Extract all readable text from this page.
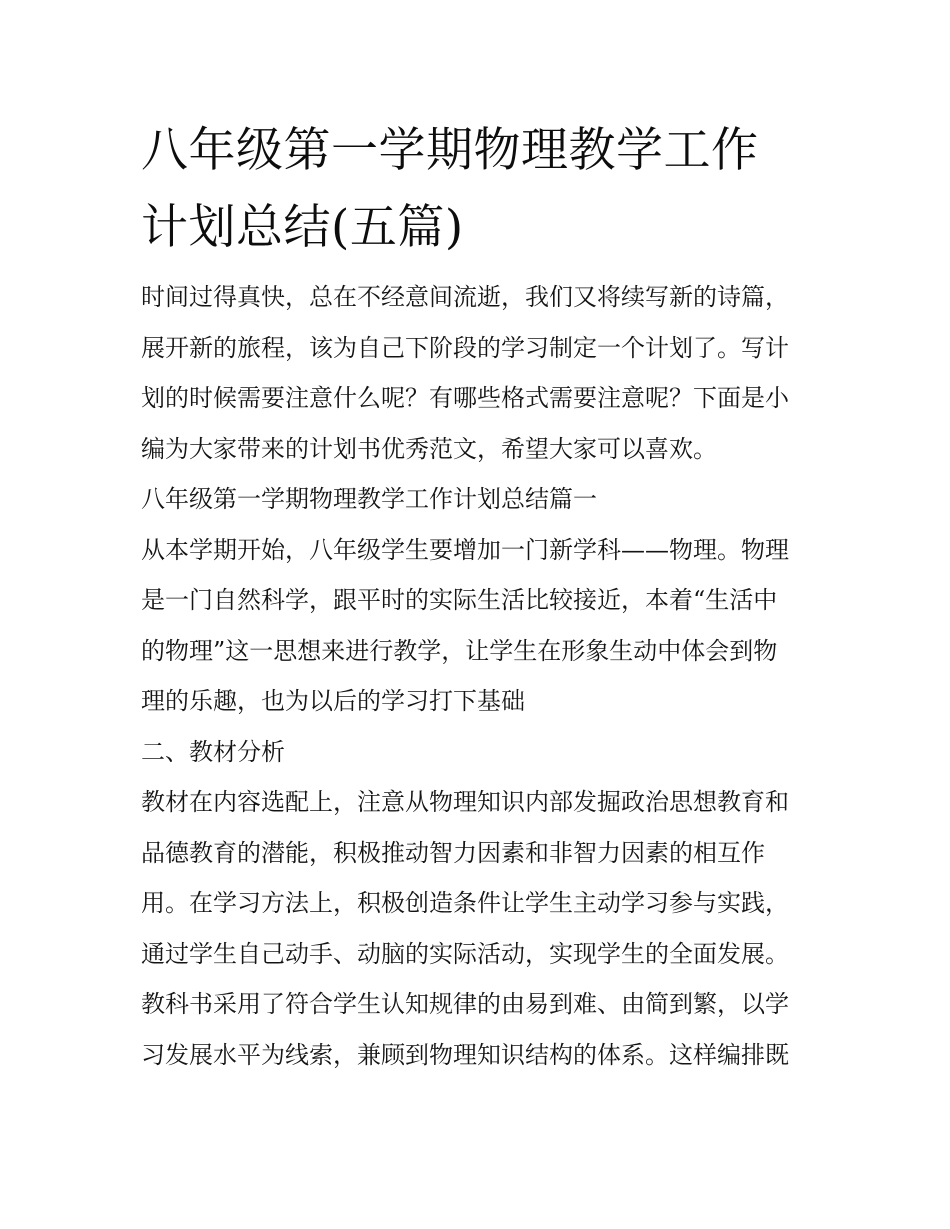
八年级第一学期物理教学工作
计划总结(五篇)
时间过得真快，总在不经意间流逝，我们又将续写新的诗篇，
展开新的旅程，该为自己下阶段的学习制定一个计划了。写计
划的时候需要注意什么呢？有哪些格式需要注意呢？下面是小
编为大家带来的计划书优秀范文，希望大家可以喜欢。
八年级第一学期物理教学工作计划总结篇一
从本学期开始，八年级学生要增加一门新学科——物理。物理
是一门自然科学，跟平时的实际生活比较接近，本着“生活中
的物理”这一思想来进行教学，让学生在形象生动中体会到物
理的乐趣，也为以后的学习打下基础
二、教材分析
教材在内容选配上，注意从物理知识内部发掘政治思想教育和
品德教育的潜能，积极推动智力因素和非智力因素的相互作
用。在学习方法上，积极创造条件让学生主动学习参与实践，
通过学生自己动手、动脑的实际活动，实现学生的全面发展。
教科书采用了符合学生认知规律的由易到难、由简到繁，以学
习发展水平为线索，兼顾到物理知识结构的体系。这样编排既
